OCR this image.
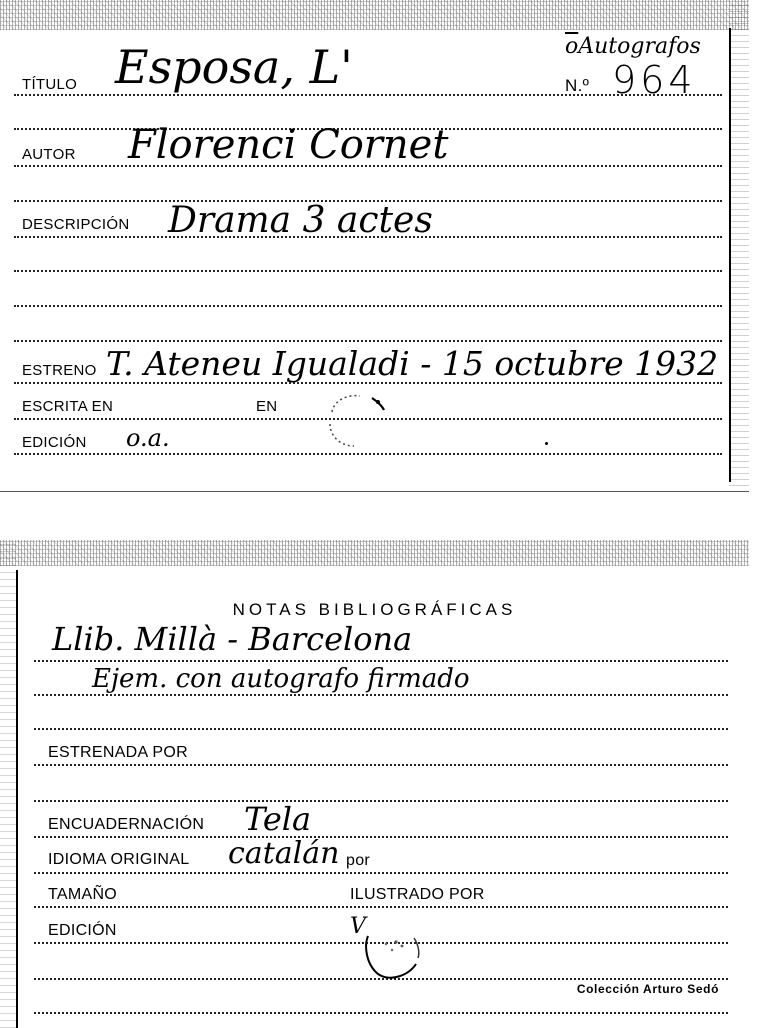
$\overline{o}Autografos$
N.º 964
TÍTULO Esposa, L'
AUTOR Florenci Cornet
DESCRIPCIÓN Drama 3 actes
ESTRENO T. Ateneu Igualadi - 15 octubre 1932
ESCRITA EN	EN
EDICIÓN o.a.
NOTAS BIBLIOGRÁFICAS
Llib. Millà - Barcelona
Ejem. con autografo firmado
ESTRENADA POR
ENCUADERNACIÓN Tela
IDIOMA ORIGINAL catalán por
TAMAÑO	ILUSTRADO POR
EDICIÓN	V
Colección Arturo Sedó
